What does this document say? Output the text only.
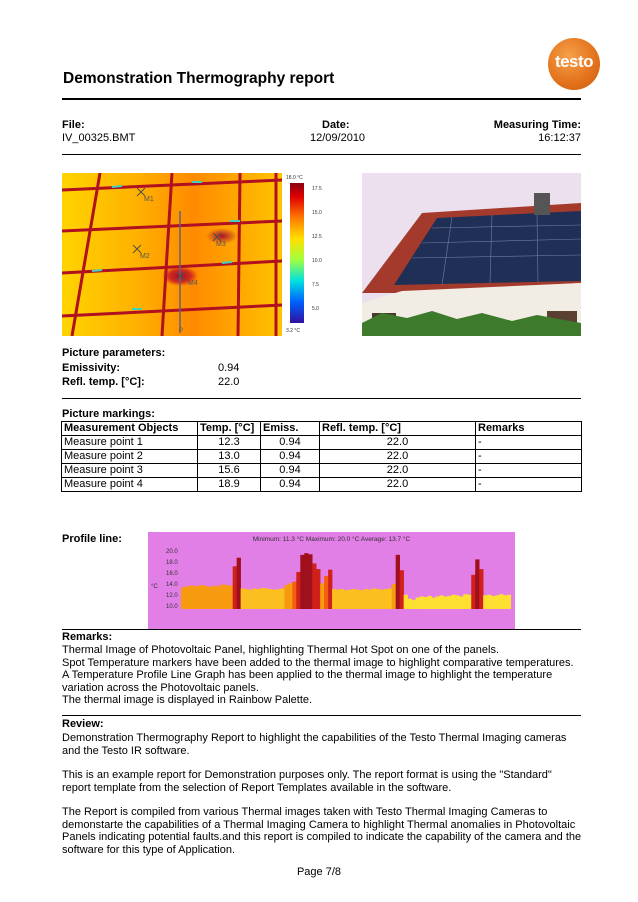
testo
Demonstration Thermography report
File:
IV_00325.BMT
Date:
12/09/2010
Measuring Time:
16:12:37
M1
M2
M3
M4
P
18.0 °C
17.5
15.0
12.5
10.0
7.5
5.0
3.2 °C
Picture parameters:
Emissivity:	0.94
Refl. temp. [°C]:	22.0
Picture markings:
Measurement Objects	Temp. [°C]	Emiss.	Refl. temp. [°C]	Remarks
Measure point 1	12.3	0.94	22.0	-
Measure point 2	13.0	0.94	22.0	-
Measure point 3	15.6	0.94	22.0	-
Measure point 4	18.9	0.94	22.0	-
Profile line:	Minimum: 11.3 °C Maximum: 20.0 °C Average: 13.7 °C
°C
20.0
18.0
16.0
14.0
12.0
10.0
Remarks:
Thermal Image of Photovoltaic Panel, highlighting Thermal Hot Spot on one of the panels.
Spot Temperature markers have been added to the thermal image to highlight comparative temperatures.
A Temperature Profile Line Graph has been applied to the thermal image to highlight the temperature
variation across the Photovoltaic panels.
The thermal image is displayed in Rainbow Palette.
Review:
Demonstration Thermography Report to highlight the capabilities of the Testo Thermal Imaging cameras and the Testo IR software.
This is an example report for Demonstration purposes only. The report format is using the "Standard" report template from the selection of Report Templates available in the software.
The Report is compiled from various Thermal images taken with Testo Thermal Imaging Cameras to demonstarte the capabilities of a Thermal Imaging Camera to highlight Thermal anomalies in Photovoltaic Panels indicating potential faults.and this report is compiled to indicate the capability of the camera and the software for this type of Application.
Page 7/8
